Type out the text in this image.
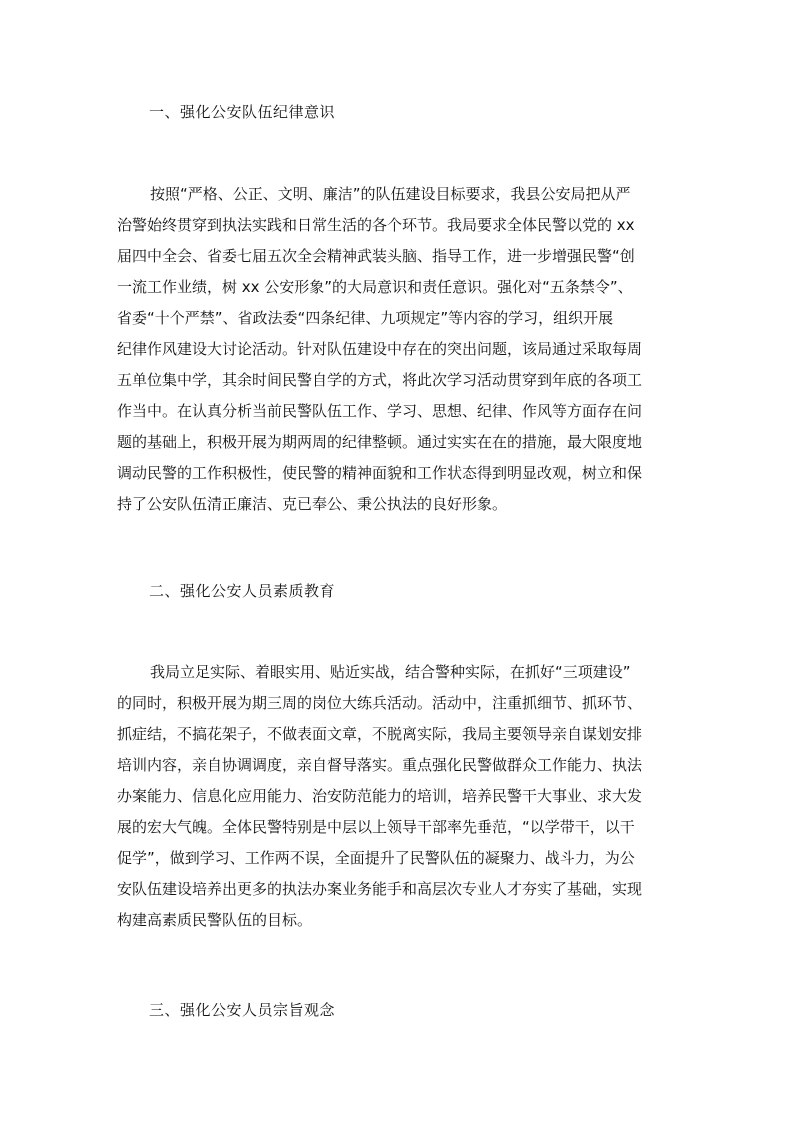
一、强化公安队伍纪律意识
按照“严格、公正、文明、廉洁”的队伍建设目标要求，我县公安局把从严
治警始终贯穿到执法实践和日常生活的各个环节。我局要求全体民警以党的 xx
届四中全会、省委七届五次全会精神武装头脑、指导工作，进一步增强民警“创
一流工作业绩，树 xx 公安形象”的大局意识和责任意识。强化对“五条禁令”、
省委“十个严禁”、省政法委“四条纪律、九项规定”等内容的学习，组织开展
纪律作风建设大讨论活动。针对队伍建设中存在的突出问题，该局通过采取每周
五单位集中学，其余时间民警自学的方式，将此次学习活动贯穿到年底的各项工
作当中。在认真分析当前民警队伍工作、学习、思想、纪律、作风等方面存在问
题的基础上，积极开展为期两周的纪律整顿。通过实实在在的措施，最大限度地
调动民警的工作积极性，使民警的精神面貌和工作状态得到明显改观，树立和保
持了公安队伍清正廉洁、克已奉公、秉公执法的良好形象。
二、强化公安人员素质教育
我局立足实际、着眼实用、贴近实战，结合警种实际，在抓好“三项建设”
的同时，积极开展为期三周的岗位大练兵活动。活动中，注重抓细节、抓环节、
抓症结，不搞花架子，不做表面文章，不脱离实际，我局主要领导亲自谋划安排
培训内容，亲自协调调度，亲自督导落实。重点强化民警做群众工作能力、执法
办案能力、信息化应用能力、治安防范能力的培训，培养民警干大事业、求大发
展的宏大气魄。全体民警特别是中层以上领导干部率先垂范，“以学带干，以干
促学”，做到学习、工作两不误，全面提升了民警队伍的凝聚力、战斗力，为公
安队伍建设培养出更多的执法办案业务能手和高层次专业人才夯实了基础，实现
构建高素质民警队伍的目标。
三、强化公安人员宗旨观念
